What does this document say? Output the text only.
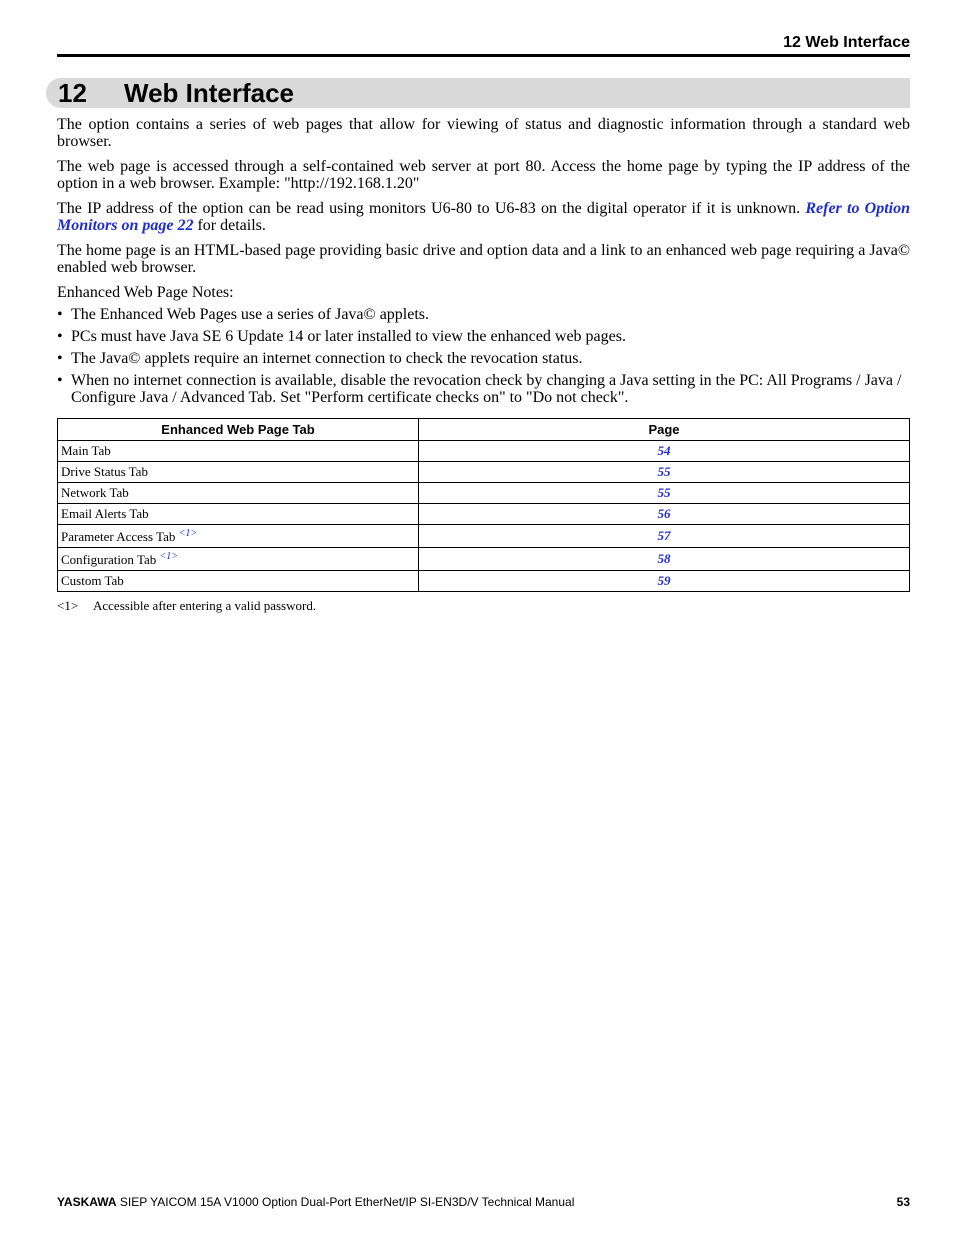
12 Web Interface
12 Web Interface

The option contains a series of web pages that allow for viewing of status and diagnostic information through a standard web browser.

The web page is accessed through a self-contained web server at port 80. Access the home page by typing the IP address of the option in a web browser. Example: "http://192.168.1.20"

The IP address of the option can be read using monitors U6-80 to U6-83 on the digital operator if it is unknown. Refer to Option Monitors on page 22 for details.

The home page is an HTML-based page providing basic drive and option data and a link to an enhanced web page requiring a Java© enabled web browser.

Enhanced Web Page Notes:

• The Enhanced Web Pages use a series of Java© applets.
• PCs must have Java SE 6 Update 14 or later installed to view the enhanced web pages.
• The Java© applets require an internet connection to check the revocation status.
• When no internet connection is available, disable the revocation check by changing a Java setting in the PC: All Programs / Java / Configure Java / Advanced Tab. Set "Perform certificate checks on" to "Do not check".
Enhanced Web Page Tab	Page
Main Tab	54
Drive Status Tab	55
Network Tab	55
Email Alerts Tab	56
Parameter Access Tab $^{<1>}$	57
Configuration Tab $^{<1>}$	58
Custom Tab	59
<1> Accessible after entering a valid password.
YASKAWA SIEP YAICOM 15A V1000 Option Dual-Port EtherNet/IP SI-EN3D/V Technical Manual	53
